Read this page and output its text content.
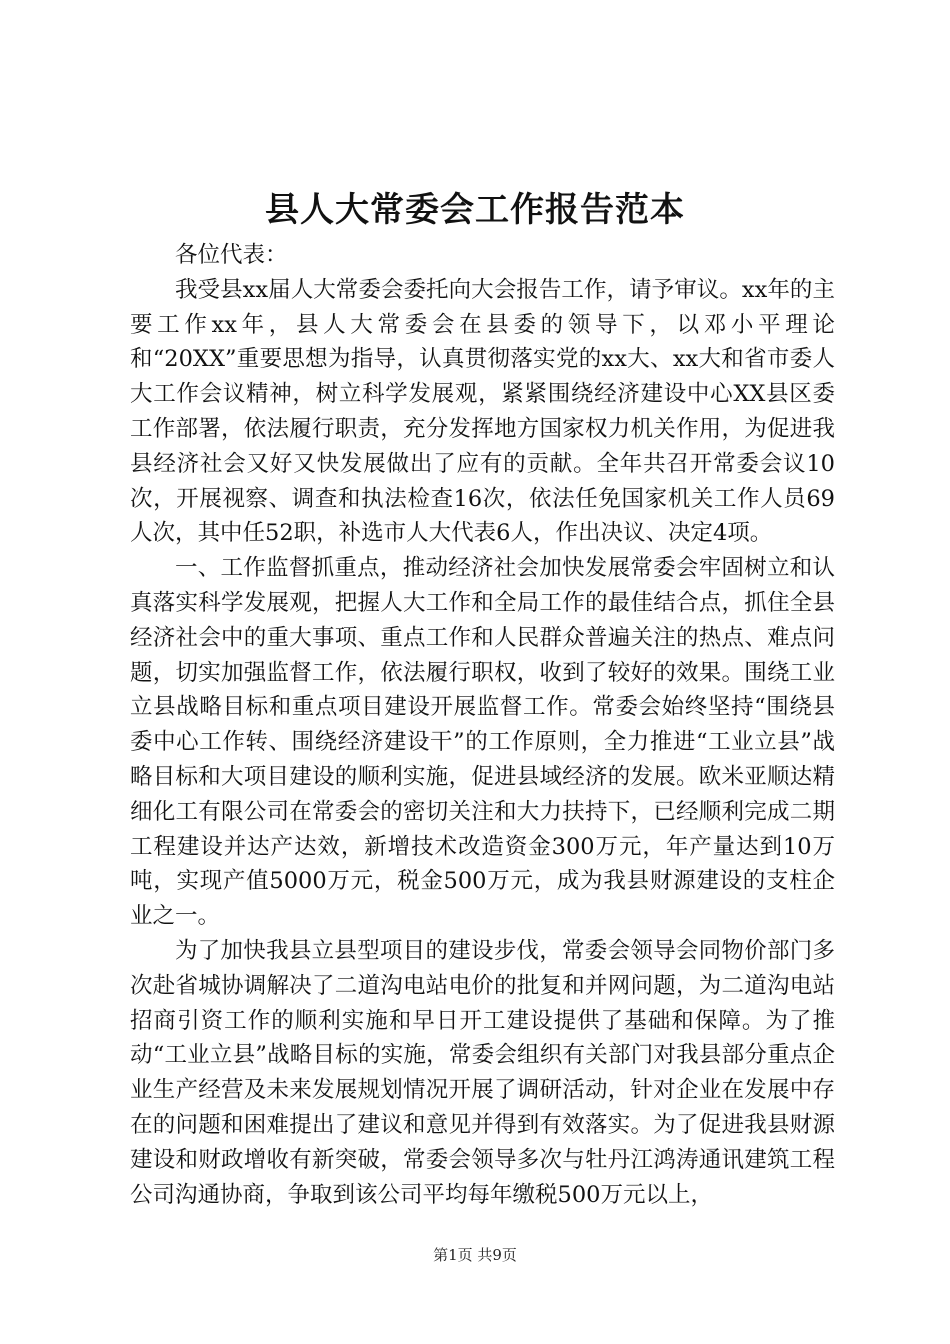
县人大常委会工作报告范本

各位代表：

我受县xx届人大常委会委托向大会报告工作，请予审议。xx年的主要工作xx年，县人大常委会在县委的领导下，以邓小平理论和“20XX”重要思想为指导，认真贯彻落实党的xx大、xx大和省市委人大工作会议精神，树立科学发展观，紧紧围绕经济建设中心XX县区委工作部署，依法履行职责，充分发挥地方国家权力机关作用，为促进我县经济社会又好又快发展做出了应有的贡献。全年共召开常委会议10次，开展视察、调查和执法检查16次，依法任免国家机关工作人员69人次，其中任52职，补选市人大代表6人，作出决议、决定4项。

一、工作监督抓重点，推动经济社会加快发展常委会牢固树立和认真落实科学发展观，把握人大工作和全局工作的最佳结合点，抓住全县经济社会中的重大事项、重点工作和人民群众普遍关注的热点、难点问题，切实加强监督工作，依法履行职权，收到了较好的效果。围绕工业立县战略目标和重点项目建设开展监督工作。常委会始终坚持“围绕县委中心工作转、围绕经济建设干”的工作原则，全力推进“工业立县”战略目标和大项目建设的顺利实施，促进县域经济的发展。欧米亚顺达精细化工有限公司在常委会的密切关注和大力扶持下，已经顺利完成二期工程建设并达产达效，新增技术改造资金300万元，年产量达到10万吨，实现产值5000万元，税金500万元，成为我县财源建设的支柱企业之一。

为了加快我县立县型项目的建设步伐，常委会领导会同物价部门多次赴省城协调解决了二道沟电站电价的批复和并网问题，为二道沟电站招商引资工作的顺利实施和早日开工建设提供了基础和保障。为了推动“工业立县”战略目标的实施，常委会组织有关部门对我县部分重点企业生产经营及未来发展规划情况开展了调研活动，针对企业在发展中存在的问题和困难提出了建议和意见并得到有效落实。为了促进我县财源建设和财政增收有新突破，常委会领导多次与牡丹江鸿涛通讯建筑工程公司沟通协商，争取到该公司平均每年缴税500万元以上，

第1页 共9页
